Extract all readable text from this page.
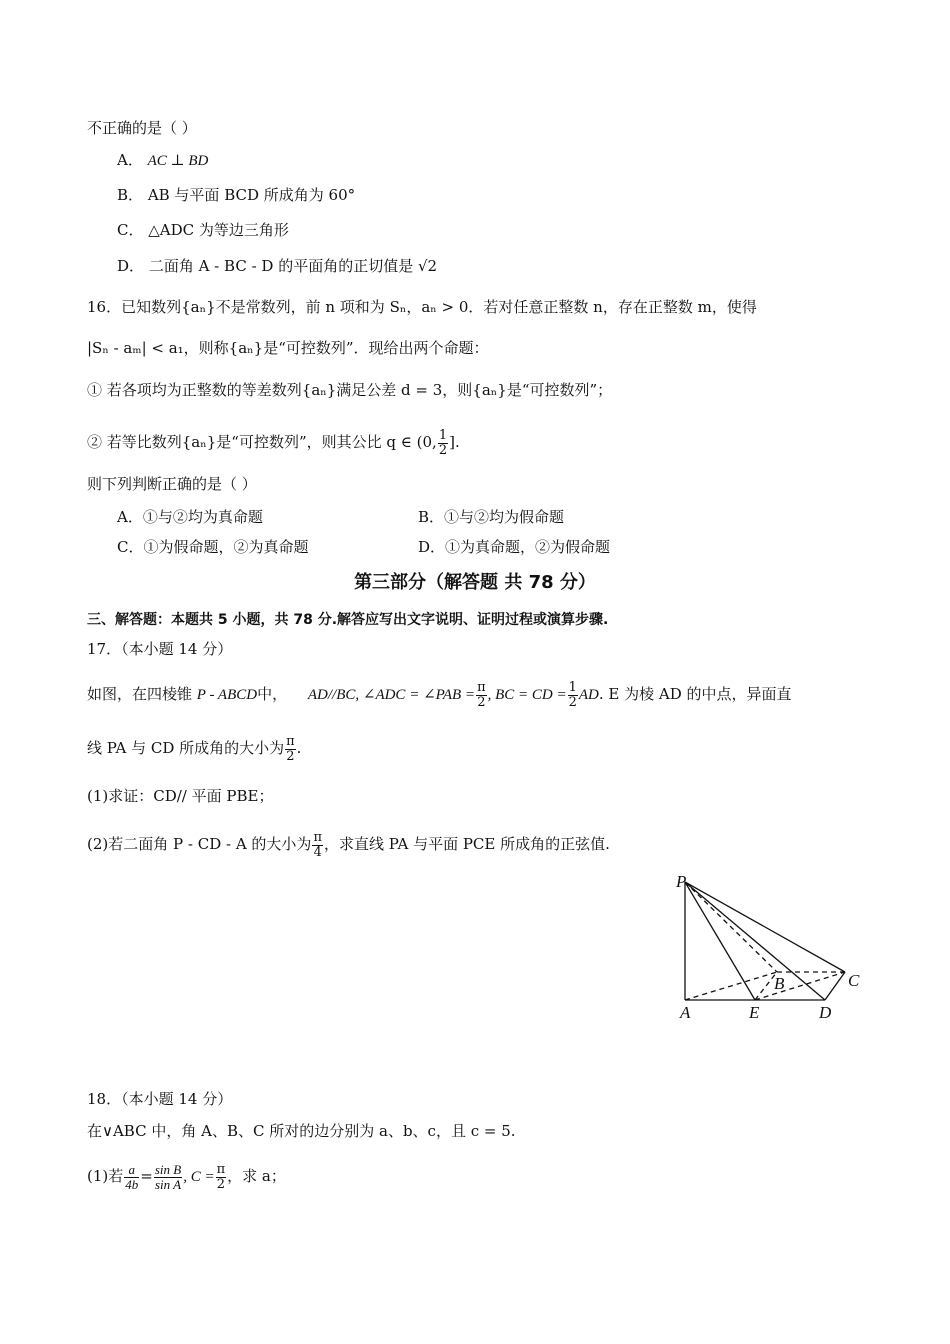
不正确的是（ ）
A． AC ⊥ BD
B． AB 与平面 BCD 所成角为 60°
C． △ADC 为等边三角形
D． 二面角 A - BC - D 的平面角的正切值是 √2
16．已知数列{aₙ}不是常数列，前 n 项和为 Sₙ，aₙ > 0．若对任意正整数 n，存在正整数 m，使得
|Sₙ - aₘ| < a₁，则称{aₙ}是“可控数列”．现给出两个命题：
① 若各项均为正整数的等差数列{aₙ}满足公差 d = 3，则{aₙ}是“可控数列”；
② 若等比数列{aₙ}是“可控数列”，则其公比 q ∈ (0, $\frac{1}{2}$ ].
则下列判断正确的是（ ）
A．①与②均为真命题	B．①与②均为假命题
C．①为假命题，②为真命题	D．①为真命题，②为假命题
第三部分（解答题 共 78 分）
三、解答题：本题共 5 小题，共 78 分.解答应写出文字说明、证明过程或演算步骤.
17．（本小题 14 分）
如图，在四棱锥 P - ABCD中， AD//BC, ∠ADC = ∠PAB = $\frac{\pi}{2}$ , BC = CD = $\frac{1}{2}$ AD. E 为棱 AD 的中点，异面直
线 PA 与 CD 所成角的大小为 $\frac{\pi}{2}$ .
(1)求证：CD// 平面 PBE；
(2)若二面角 P - CD - A 的大小为 $\frac{\pi}{4}$ ，求直线 PA 与平面 PCE 所成角的正弦值.
P
B	C
A	E	D
18．（本小题 14 分）
在∨ABC 中，角 A、B、C 所对的边分别为 a、b、c，且 c = 5.
(1)若 $\frac{a}{4b} = \frac{\text{sin B}}{\text{sin A}}$ , $C = \frac{\pi}{2}$ ，求 a；
